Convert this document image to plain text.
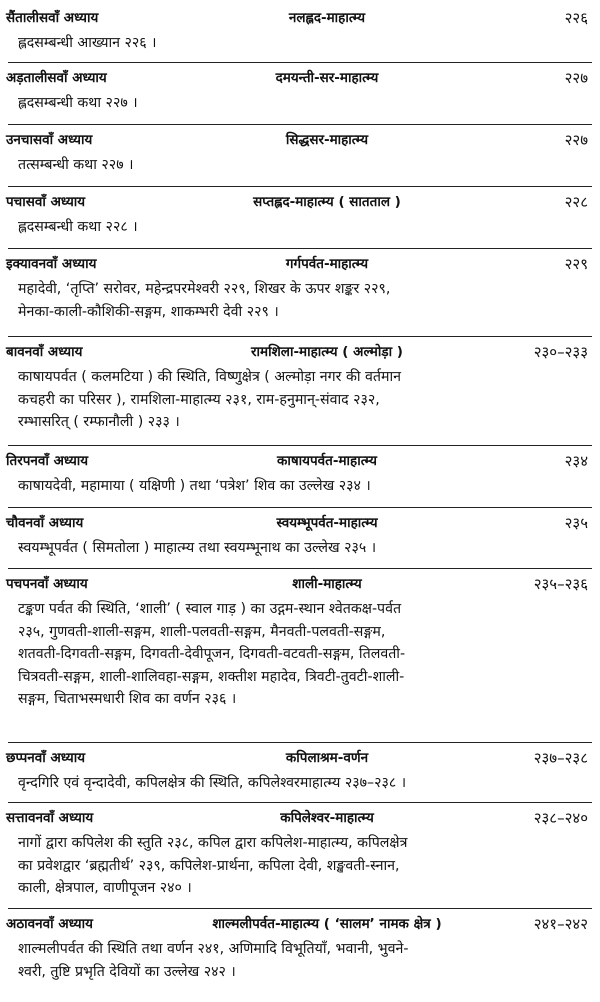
सैंतालीसवाँ अध्याय	नलह्लद-माहात्म्य	२२६
ह्लदसम्बन्धी आख्यान २२६ ।
अड़तालीसवाँ अध्याय	दमयन्ती-सर-माहात्म्य	२२७
ह्लदसम्बन्धी कथा २२७ ।
उनचासवाँ अध्याय	सिद्धसर-माहात्म्य	२२७
तत्सम्बन्धी कथा २२७ ।
पचासवाँ अध्याय	सप्तह्लद-माहात्म्य ( सातताल )	२२८
ह्लदसम्बन्धी कथा २२८ ।
इक्यावनवाँ अध्याय	गर्गपर्वत-माहात्म्य	२२९
महादेवी, ‘तृप्ति’ सरोवर, महेन्द्रपरमेश्वरी २२९, शिखर के ऊपर शङ्कर २२९,
मेनका-काली-कौशिकी-सङ्गम, शाकम्भरी देवी २२९ ।
बावनवाँ अध्याय	रामशिला-माहात्म्य ( अल्मोड़ा )	२३०–२३३
काषायपर्वत ( कलमटिया ) की स्थिति, विष्णुक्षेत्र ( अल्मोड़ा नगर की वर्तमान
कचहरी का परिसर ), रामशिला-माहात्म्य २३१, राम-हनुमान्-संवाद २३२,
रम्भासरित् ( रम्फानौली ) २३३ ।
तिरपनवाँ अध्याय	काषायपर्वत-माहात्म्य	२३४
काषायदेवी, महामाया ( यक्षिणी ) तथा ‘पत्रेश’ शिव का उल्लेख २३४ ।
चौवनवाँ अध्याय	स्वयम्भूपर्वत-माहात्म्य	२३५
स्वयम्भूपर्वत ( सिमतोला ) माहात्म्य तथा स्वयम्भूनाथ का उल्लेख २३५ ।
पचपनवाँ अध्याय	शाली-माहात्म्य	२३५–२३६
टङ्कण पर्वत की स्थिति, ‘शाली’ ( स्वाल गाड़ ) का उद्गम-स्थान श्वेतकक्ष-पर्वत
२३५, गुणवती-शाली-सङ्गम, शाली-पलवती-सङ्गम, मैनवती-पलवती-सङ्गम,
शतवती-दिगवती-सङ्गम, दिगवती-देवीपूजन, दिगवती-वटवती-सङ्गम, तिलवती-
चित्रवती-सङ्गम, शाली-शालिवहा-सङ्गम, शक्तीश महादेव, त्रिवटी-तुवटी-शाली-
सङ्गम, चिताभस्मधारी शिव का वर्णन २३६ ।
छप्पनवाँ अध्याय	कपिलाश्रम-वर्णन	२३७–२३८
वृन्दगिरि एवं वृन्दादेवी, कपिलक्षेत्र की स्थिति, कपिलेश्वरमाहात्म्य २३७–२३८ ।
सत्तावनवाँ अध्याय	कपिलेश्वर-माहात्म्य	२३८–२४०
नागों द्वारा कपिलेश की स्तुति २३८, कपिल द्वारा कपिलेश-माहात्म्य, कपिलक्षेत्र
का प्रवेशद्वार ‘ब्रह्मतीर्थ’ २३९, कपिलेश-प्रार्थना, कपिला देवी, शङ्खवती-स्नान,
काली, क्षेत्रपाल, वाणीपूजन २४० ।
अठावनवाँ अध्याय	शाल्मलीपर्वत-माहात्म्य ( ‘सालम’ नामक क्षेत्र )	२४१–२४२
शाल्मलीपर्वत की स्थिति तथा वर्णन २४१, अणिमादि विभूतियाँ, भवानी, भुवने-
श्वरी, तुष्टि प्रभृति देवियों का उल्लेख २४२ ।
